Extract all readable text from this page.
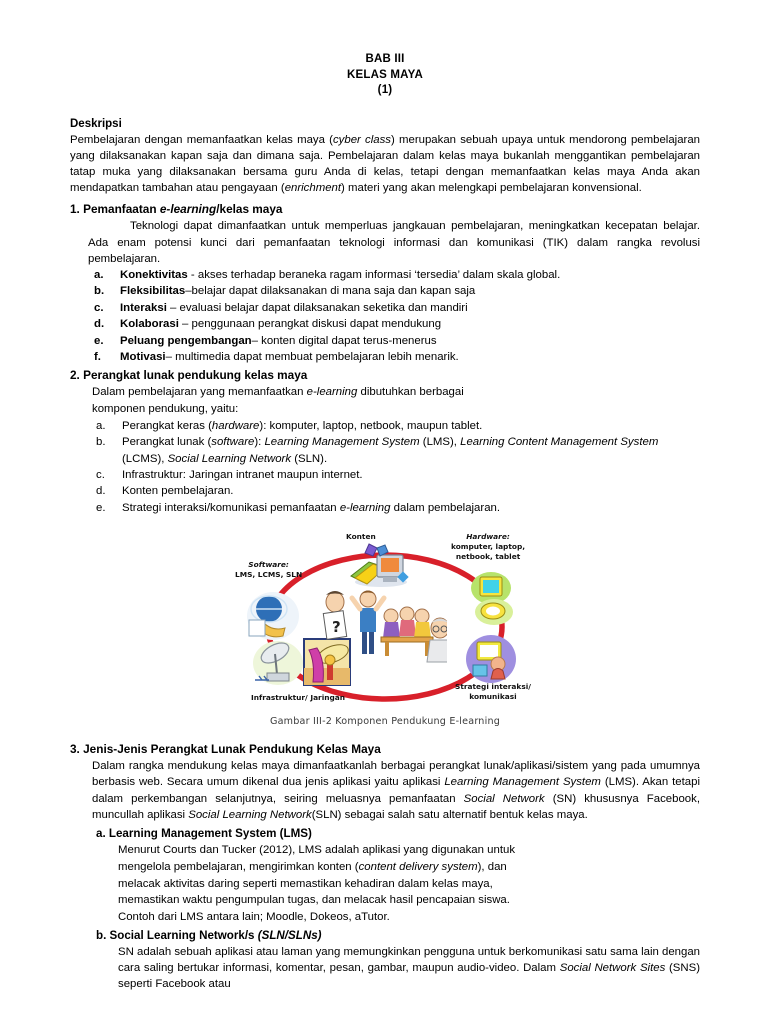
BAB III
KELAS MAYA
(1)
Deskripsi

Pembelajaran dengan memanfaatkan kelas maya (cyber class) merupakan sebuah upaya untuk mendorong pembelajaran yang dilaksanakan kapan saja dan dimana saja. Pembelajaran dalam kelas maya bukanlah menggantikan pembelajaran tatap muka yang dilaksanakan bersama guru Anda di kelas, tetapi dengan memanfaatkan kelas maya Anda akan mendapatkan tambahan atau pengayaan (enrichment) materi yang akan melengkapi pembelajaran konvensional.

1. Pemanfaatan e-learning/kelas maya

Teknologi dapat dimanfaatkan untuk memperluas jangkauan pembelajaran, meningkatkan kecepatan belajar. Ada enam potensi kunci dari pemanfaatan teknologi informasi dan komunikasi (TIK) dalam rangka revolusi pembelajaran.

a.	Konektivitas - akses terhadap beraneka ragam informasi ‘tersedia’ dalam skala global.
b.	Fleksibilitas–belajar dapat dilaksanakan di mana saja dan kapan saja
c.	Interaksi – evaluasi belajar dapat dilaksanakan seketika dan mandiri
d.	Kolaborasi – penggunaan perangkat diskusi dapat mendukung
e.	Peluang pengembangan– konten digital dapat terus-menerus
f.	Motivasi– multimedia dapat membuat pembelajaran lebih menarik.
2. Perangkat lunak pendukung kelas maya

Dalam pembelajaran yang memanfaatkan e-learning dibutuhkan berbagai

komponen pendukung, yaitu:

a.	Perangkat keras (hardware): komputer, laptop, netbook, maupun tablet.
b.	Perangkat lunak (software): Learning Management System (LMS), Learning Content Management System (LCMS), Social Learning Network (SLN).
c.	Infrastruktur: Jaringan intranet maupun internet.
d.	Konten pembelajaran.
e.	Strategi interaksi/komunikasi pemanfaatan e-learning dalam pembelajaran.
?
Software:
LMS, LCMS, SLN
Konten	Hardware:
komputer, laptop,
netbook, tablet
Strategi interaksi/
komunikasi
Infrastruktur/ Jaringan
Gambar III-2 Komponen Pendukung E-learning
3. Jenis-Jenis Perangkat Lunak Pendukung Kelas Maya

Dalam rangka mendukung kelas maya dimanfaatkanlah berbagai perangkat lunak/aplikasi/sistem yang pada umumnya berbasis web. Secara umum dikenal dua jenis aplikasi yaitu aplikasi Learning Management System (LMS). Akan tetapi dalam perkembangan selanjutnya, seiring meluasnya pemanfaatan Social Network (SN) khususnya Facebook, muncullah aplikasi Social Learning Network(SLN) sebagai salah satu alternatif bentuk kelas maya.

a. Learning Management System (LMS)
Menurut Courts dan Tucker (2012), LMS adalah aplikasi yang digunakan untuk
mengelola pembelajaran, mengirimkan konten (content delivery system), dan
melacak aktivitas daring seperti memastikan kehadiran dalam kelas maya,
memastikan waktu pengumpulan tugas, dan melacak hasil pencapaian siswa.
Contoh dari LMS antara lain; Moodle, Dokeos, aTutor.
b. Social Learning Network/s (SLN/SLNs)

SN adalah sebuah aplikasi atau laman yang memungkinkan pengguna untuk berkomunikasi satu sama lain dengan cara saling bertukar informasi, komentar, pesan, gambar, maupun audio-video. Dalam Social Network Sites (SNS) seperti Facebook atau
